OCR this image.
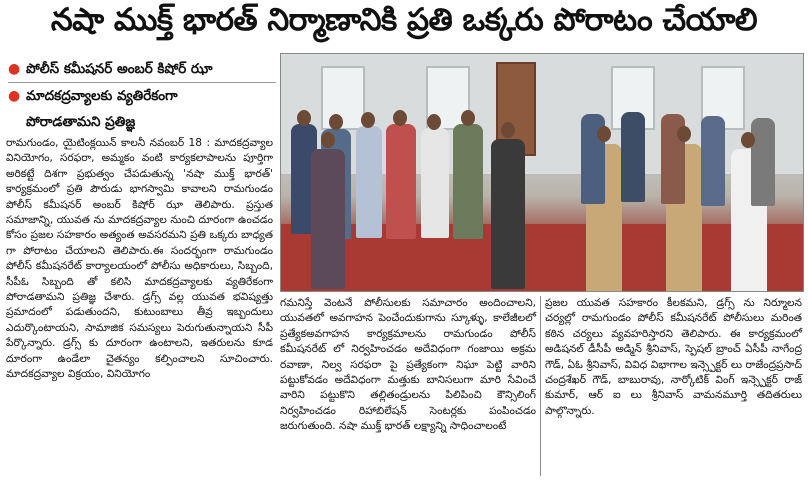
నషా ముక్త్ భారత్ నిర్మాణానికి ప్రతి ఒక్కరు పోరాటం చేయాలి
● పోలీస్ కమీషనర్ అంబర్ కిషోర్ ఝా
● మాదకద్రవ్యాలకు వ్యతిరేకంగా
పోరాడతామని ప్రతిజ్ఞ

రామగుండం, యైటింక్లయిన్ కాలనీ నవంబర్ 18 : మాదకద్రవ్యాల వినియోగం, సరఫరా, అమ్మకం వంటి కార్యకలాపాలను పూర్తిగా అరికట్టే దిశగా ప్రభుత్వం చేపడుతున్న 'నషా ముక్త్ భారత్' కార్యక్రమంలో ప్రతి పౌరుడు భాగస్వామి కావాలని రామగుండం పోలీస్ కమీషనర్ అంబర్ కిషోర్ ఝా తెలిపారు. ప్రస్తుత సమాజాన్ని, యువత ను మాదకద్రవ్యాల నుంచి దూరంగా ఉంచడం కోసం ప్రజల సహకారం అత్యంత అవసరమని ప్రతి ఒక్కరు బాధ్యత గా పోరాటం చేయాలని తెలిపారు.ఈ సందర్భంగా రామగుండం పోలీస్ కమీషనరేట్ కార్యాలయంలో పోలీసు అధికారులు, సిబ్బంది, సీపీఓ సిబ్బంది తో కలిసి మాదకద్రవ్యాలకు వ్యతిరేకంగా పోరాడతామని ప్రతిజ్ఞ చేశారు. డ్రగ్స్ వల్ల యువత భవిష్యత్తు ప్రమాదంలో పడుతుందని, కుటుంబాలు తీవ్ర ఇబ్బందులు ఎదుర్కొంటాయని, సామాజిక సమస్యలు పెరుగుతున్నాయని సీపీ పేర్కొన్నారు. డ్రగ్స్ కు దూరంగా ఉంటాలని, ఇతరులను కూడ దూరంగా ఉండేలా చైతన్యం కల్పించాలని సూచించారు. మాదకద్రవ్యాల విక్రయం, వినియోగం

గమనిస్తే వెంటనే పోలీసులకు సమాచారం అందించాలని, యువతలో అవగాహన పెంచేందుకుగాను స్కూళ్ళు, కాలేజీలలో ప్రత్యేకఅవగాహన కార్యక్రమాలను రామగుండం పోలీస్ కమీషనరేట్ లో నిర్వహించడం అదేవిధంగా గంజాయి అక్రమ రవాణా, నిల్వ సరఫరా పై ప్రత్యేకంగా నిఘా పెట్టి వారిని పట్టుకోవడం అదేవిధంగా మత్తుకు బానిసలుగా మారి సేవించే వారిని పట్టుకొని తల్లితండ్రులను పిలిపించి కౌన్సిలింగ్ నిర్వహించడం రిహాబిలేషన్ సెంటర్లకు పంపించడం జరుగుతుంది. నషా ముక్త్ భారత్ లక్ష్యాన్ని సాధించాలంటే

ప్రజల యువత సహకారం కీలకమని, డ్రగ్స్ ను నిర్మూలన చర్యల్లో రామగుండం పోలీస్ కమీషనరేట్ పోలీసులు మరింత కఠిన చర్యలు వ్యవహరిస్తారని తెలిపారు. ఈ కార్యక్రమంలో అడిషనల్ డీసీపీ అడ్మిన్ శ్రీనివాస్, స్పెషల్ బ్రాంచ్ ఏసీపీ నాగేంద్ర గౌడ్, ఏఓ శ్రీనివాస్, వివిధ విభాగాల ఇన్స్పెక్టర్ లు రాజేంద్రప్రసాద్ చంద్రశేఖర్ గౌడ్, బాబురావు, నార్కోటిక్ వింగ్ ఇన్స్పెక్టర్ రాజ్ కుమార్, ఆర్ ఐ లు శ్రీనివాస్ వామనమూర్తి తదితరులు పాల్గొన్నారు.
